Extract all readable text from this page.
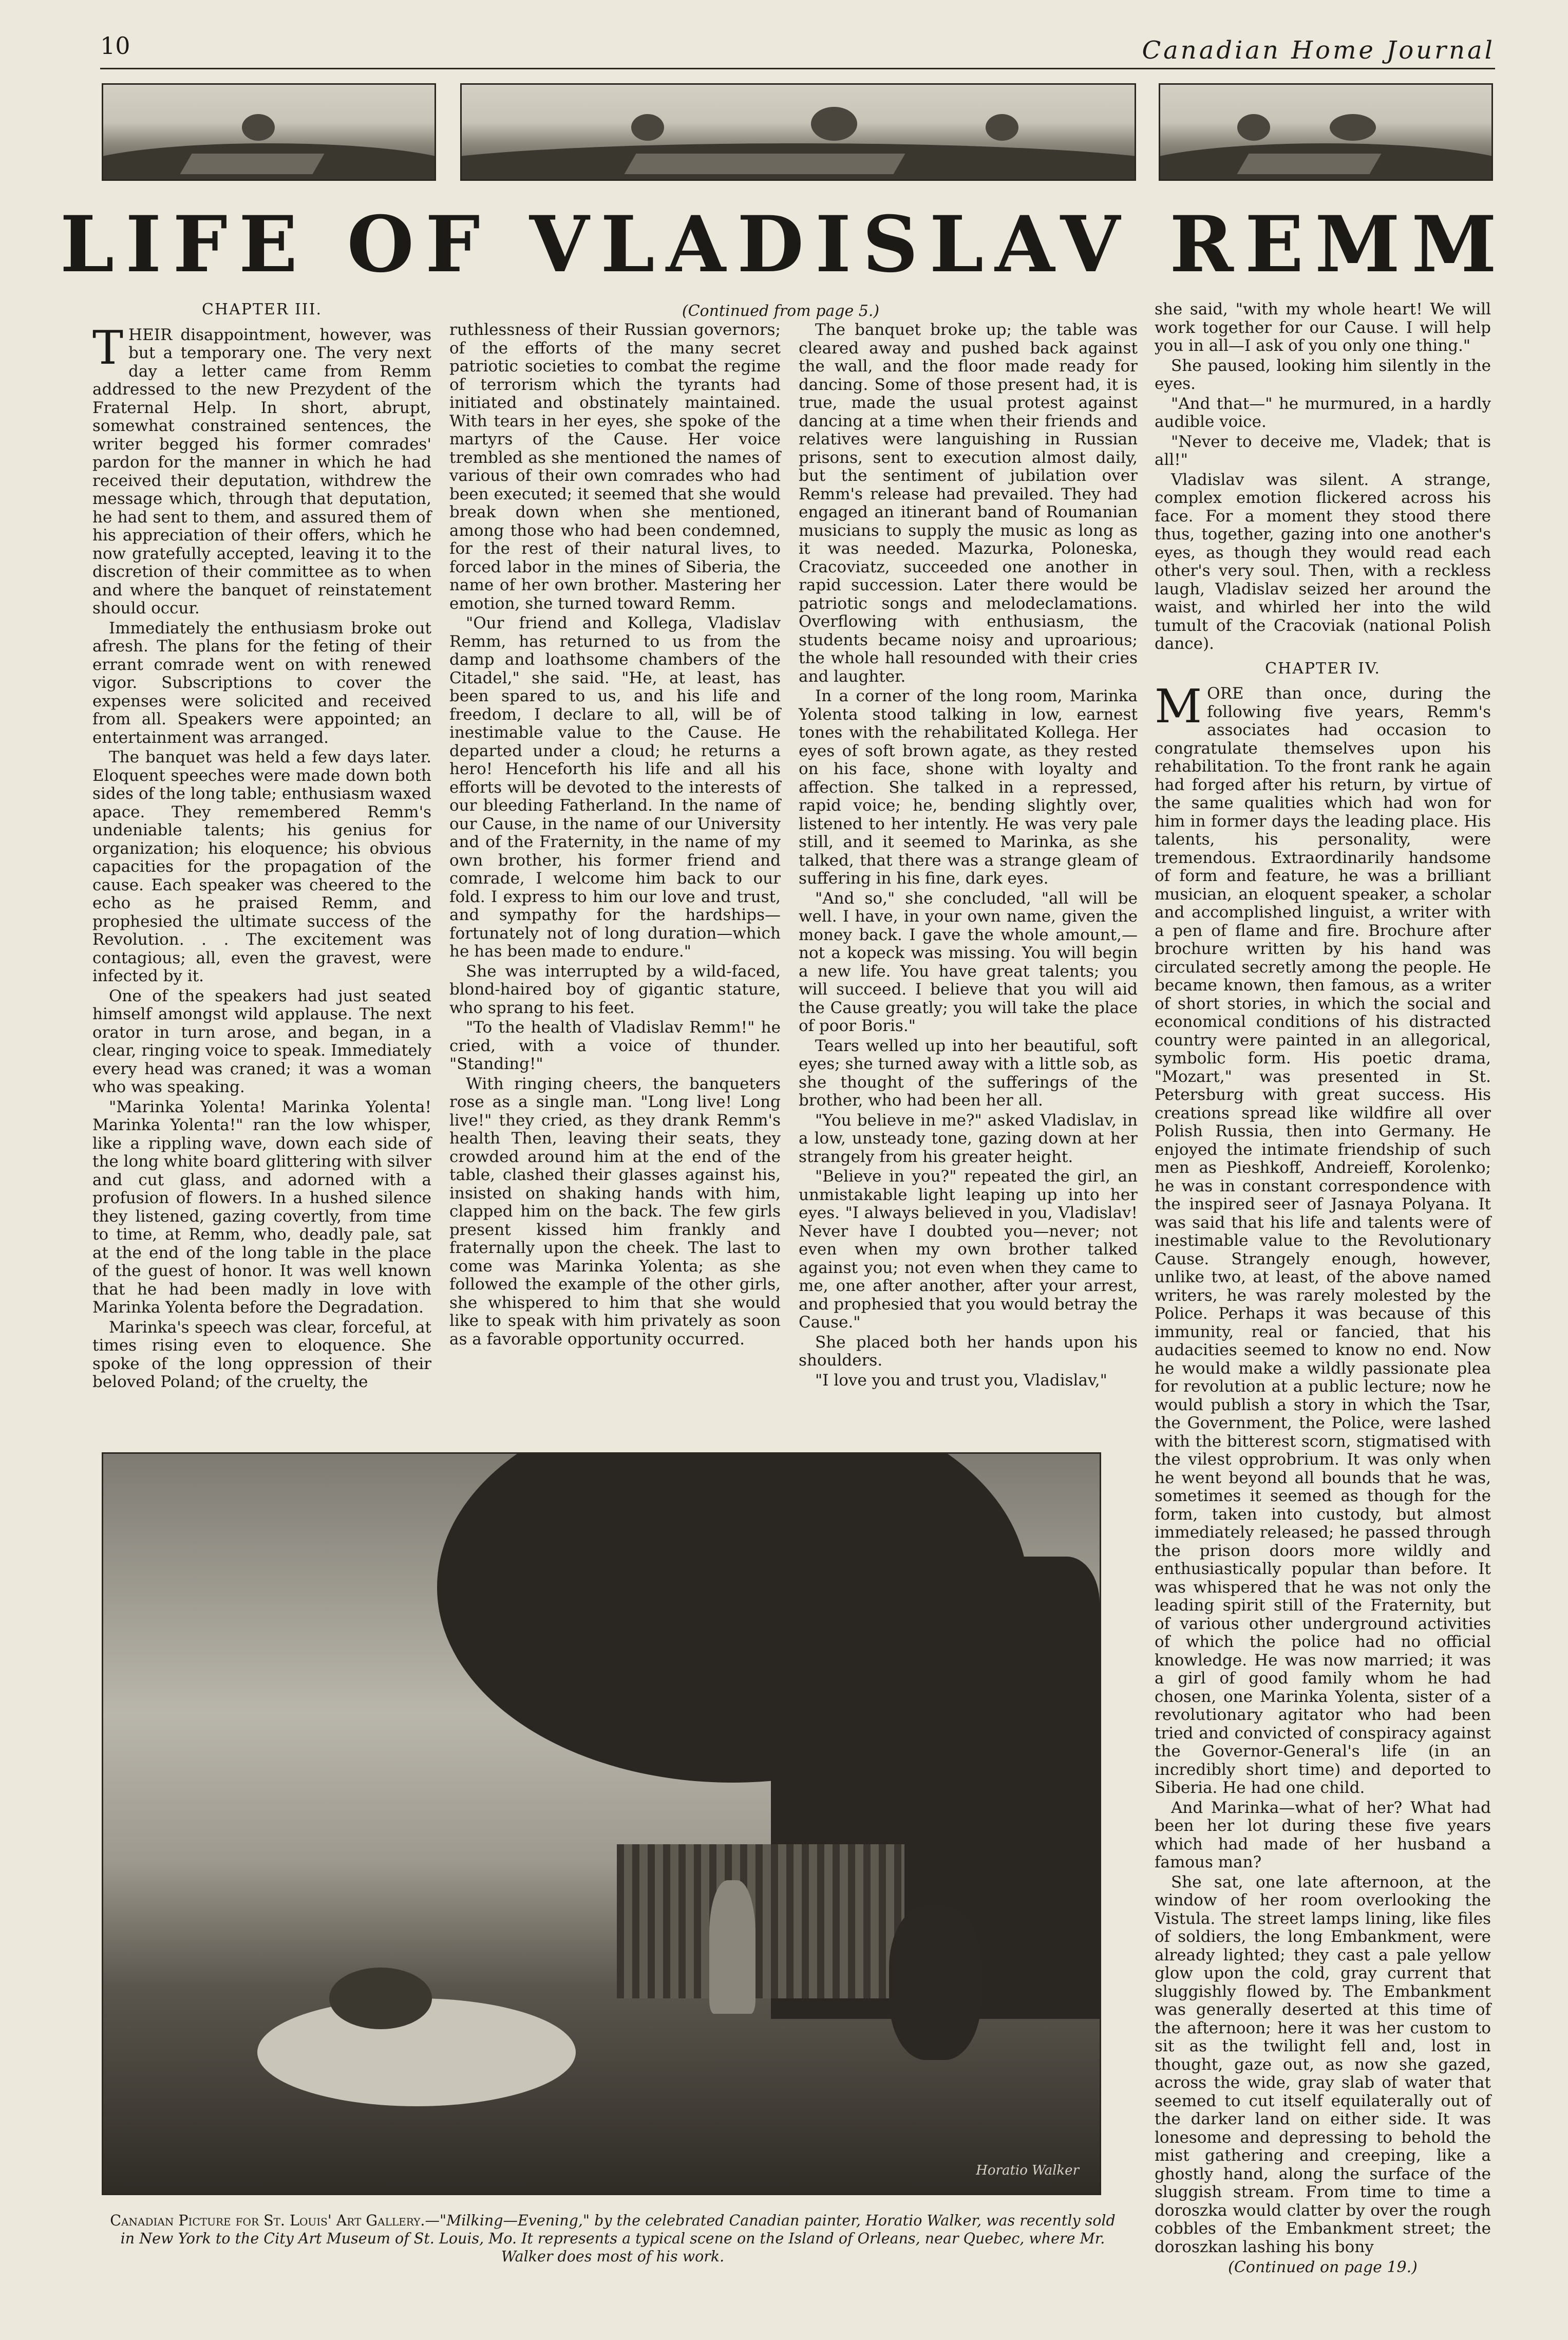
10	Canadian Home Journal
LIFE OF VLADISLAV REMM
CHAPTER III.

THEIR disappointment, however, was but a temporary one. The very next day a letter came from Remm addressed to the new Prezydent of the Fraternal Help. In short, abrupt, somewhat constrained sentences, the writer begged his former comrades' pardon for the manner in which he had received their deputation, withdrew the message which, through that deputation, he had sent to them, and assured them of his appreciation of their offers, which he now gratefully accepted, leaving it to the discretion of their committee as to when and where the banquet of reinstatement should occur.

Immediately the enthusiasm broke out afresh. The plans for the feting of their errant comrade went on with renewed vigor. Subscriptions to cover the expenses were solicited and received from all. Speakers were appointed; an entertainment was arranged.

The banquet was held a few days later. Eloquent speeches were made down both sides of the long table; enthusiasm waxed apace. They remembered Remm's undeniable talents; his genius for organization; his eloquence; his obvious capacities for the propagation of the cause. Each speaker was cheered to the echo as he praised Remm, and prophesied the ultimate success of the Revolution. . . The excitement was contagious; all, even the gravest, were infected by it.

One of the speakers had just seated himself amongst wild applause. The next orator in turn arose, and began, in a clear, ringing voice to speak. Immediately every head was craned; it was a woman who was speaking.

"Marinka Yolenta! Marinka Yolenta! Marinka Yolenta!" ran the low whisper, like a rippling wave, down each side of the long white board glittering with silver and cut glass, and adorned with a profusion of flowers. In a hushed silence they listened, gazing covertly, from time to time, at Remm, who, deadly pale, sat at the end of the long table in the place of the guest of honor. It was well known that he had been madly in love with Marinka Yolenta before the Degradation.

Marinka's speech was clear, forceful, at times rising even to eloquence. She spoke of the long oppression of their beloved Poland; of the cruelty, the

ruthlessness of their Russian governors; of the efforts of the many secret patriotic societies to combat the regime of terrorism which the tyrants had initiated and obstinately maintained. With tears in her eyes, she spoke of the martyrs of the Cause. Her voice trembled as she mentioned the names of various of their own comrades who had been executed; it seemed that she would break down when she mentioned, among those who had been condemned, for the rest of their natural lives, to forced labor in the mines of Siberia, the name of her own brother. Mastering her emotion, she turned toward Remm.

"Our friend and Kollega, Vladislav Remm, has returned to us from the damp and loathsome chambers of the Citadel," she said. "He, at least, has been spared to us, and his life and freedom, I declare to all, will be of inestimable value to the Cause. He departed under a cloud; he returns a hero! Henceforth his life and all his efforts will be devoted to the interests of our bleeding Fatherland. In the name of our Cause, in the name of our University and of the Fraternity, in the name of my own brother, his former friend and comrade, I welcome him back to our fold. I express to him our love and trust, and sympathy for the hardships—fortunately not of long duration—which he has been made to endure."

She was interrupted by a wild-faced, blond-haired boy of gigantic stature, who sprang to his feet.

"To the health of Vladislav Remm!" he cried, with a voice of thunder. "Standing!"

With ringing cheers, the banqueters rose as a single man. "Long live! Long live!" they cried, as they drank Remm's health Then, leaving their seats, they crowded around him at the end of the table, clashed their glasses against his, insisted on shaking hands with him, clapped him on the back. The few girls present kissed him frankly and fraternally upon the cheek. The last to come was Marinka Yolenta; as she followed the example of the other girls, she whispered to him that she would like to speak with him privately as soon as a favorable opportunity occurred.

(Continued from page 5.)

The banquet broke up; the table was cleared away and pushed back against the wall, and the floor made ready for dancing. Some of those present had, it is true, made the usual protest against dancing at a time when their friends and relatives were languishing in Russian prisons, sent to execution almost daily, but the sentiment of jubilation over Remm's release had prevailed. They had engaged an itinerant band of Roumanian musicians to supply the music as long as it was needed. Mazurka, Poloneska, Cracoviatz, succeeded one another in rapid succession. Later there would be patriotic songs and melodeclamations. Overflowing with enthusiasm, the students became noisy and uproarious; the whole hall resounded with their cries and laughter.

In a corner of the long room, Marinka Yolenta stood talking in low, earnest tones with the rehabilitated Kollega. Her eyes of soft brown agate, as they rested on his face, shone with loyalty and affection. She talked in a repressed, rapid voice; he, bending slightly over, listened to her intently. He was very pale still, and it seemed to Marinka, as she talked, that there was a strange gleam of suffering in his fine, dark eyes.

"And so," she concluded, "all will be well. I have, in your own name, given the money back. I gave the whole amount,—not a kopeck was missing. You will begin a new life. You have great talents; you will succeed. I believe that you will aid the Cause greatly; you will take the place of poor Boris."

Tears welled up into her beautiful, soft eyes; she turned away with a little sob, as she thought of the sufferings of the brother, who had been her all.

"You believe in me?" asked Vladislav, in a low, unsteady tone, gazing down at her strangely from his greater height.

"Believe in you?" repeated the girl, an unmistakable light leaping up into her eyes. "I always believed in you, Vladislav! Never have I doubted you—never; not even when my own brother talked against you; not even when they came to me, one after another, after your arrest, and prophesied that you would betray the Cause."

She placed both her hands upon his shoulders.

"I love you and trust you, Vladislav,"

she said, "with my whole heart! We will work together for our Cause. I will help you in all—I ask of you only one thing."

She paused, looking him silently in the eyes.

"And that—" he murmured, in a hardly audible voice.

"Never to deceive me, Vladek; that is all!"

Vladislav was silent. A strange, complex emotion flickered across his face. For a moment they stood there thus, together, gazing into one another's eyes, as though they would read each other's very soul. Then, with a reckless laugh, Vladislav seized her around the waist, and whirled her into the wild tumult of the Cracoviak (national Polish dance).

CHAPTER IV.

MORE than once, during the following five years, Remm's associates had occasion to congratulate themselves upon his rehabilitation. To the front rank he again had forged after his return, by virtue of the same qualities which had won for him in former days the leading place. His talents, his personality, were tremendous. Extraordinarily handsome of form and feature, he was a brilliant musician, an eloquent speaker, a scholar and accomplished linguist, a writer with a pen of flame and fire. Brochure after brochure written by his hand was circulated secretly among the people. He became known, then famous, as a writer of short stories, in which the social and economical conditions of his distracted country were painted in an allegorical, symbolic form. His poetic drama, "Mozart," was presented in St. Petersburg with great success. His creations spread like wildfire all over Polish Russia, then into Germany. He enjoyed the intimate friendship of such men as Pieshkoff, Andreieff, Korolenko; he was in constant correspondence with the inspired seer of Jasnaya Polyana. It was said that his life and talents were of inestimable value to the Revolutionary Cause. Strangely enough, however, unlike two, at least, of the above named writers, he was rarely molested by the Police. Perhaps it was because of this immunity, real or fancied, that his audacities seemed to know no end. Now he would make a wildly passionate plea for revolution at a public lecture; now he would publish a story in which the Tsar, the Government, the Police, were lashed with the bitterest scorn, stigmatised with the vilest opprobrium. It was only when he went beyond all bounds that he was, sometimes it seemed as though for the form, taken into custody, but almost immediately released; he passed through the prison doors more wildly and enthusiastically popular than before. It was whispered that he was not only the leading spirit still of the Fraternity, but of various other underground activities of which the police had no official knowledge. He was now married; it was a girl of good family whom he had chosen, one Marinka Yolenta, sister of a revolutionary agitator who had been tried and convicted of conspiracy against the Governor-General's life (in an incredibly short time) and deported to Siberia. He had one child.

And Marinka—what of her? What had been her lot during these five years which had made of her husband a famous man?

She sat, one late afternoon, at the window of her room overlooking the Vistula. The street lamps lining, like files of soldiers, the long Embankment, were already lighted; they cast a pale yellow glow upon the cold, gray current that sluggishly flowed by. The Embankment was generally deserted at this time of the afternoon; here it was her custom to sit as the twilight fell and, lost in thought, gaze out, as now she gazed, across the wide, gray slab of water that seemed to cut itself equilaterally out of the darker land on either side. It was lonesome and depressing to behold the mist gathering and creeping, like a ghostly hand, along the surface of the sluggish stream. From time to time a doroszka would clatter by over the rough cobbles of the Embankment street; the doroszkan lashing his bony

(Continued on page 19.)
Horatio Walker
Canadian Picture for St. Louis' Art Gallery.—"Milking—Evening," by the celebrated Canadian painter, Horatio Walker, was recently sold in New York to the City Art Museum of St. Louis, Mo. It represents a typical scene on the Island of Orleans, near Quebec, where Mr. Walker does most of his work.
